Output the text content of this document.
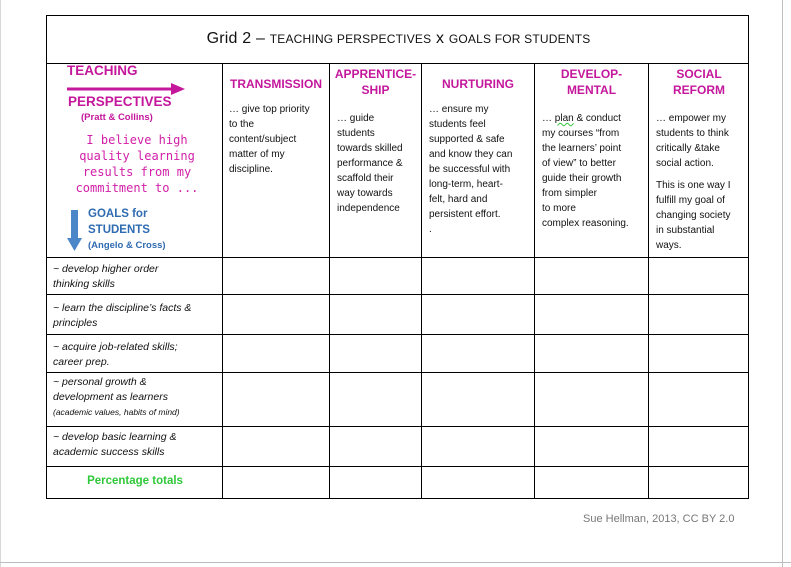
Grid 2 – TEACHING PERSPECTIVES x GOALS FOR STUDENTS
TEACHING
PERSPECTIVES
(Pratt & Collins)
I believe high
quality learning
results from my
commitment to ...
GOALS for
STUDENTS
(Angelo & Cross)
TRANSMISSION
APPRENTICE-
SHIP	NURTURING
DEVELOP-
MENTAL
SOCIAL
REFORM
… give top priority
to the
content/subject
matter of my
discipline.
… guide
students
towards skilled
performance &
scaffold their
way towards
independence
… ensure my
students feel
supported & safe
and know they can
be successful with
long-term, heart-
felt, hard and
persistent effort.
.
… plan & conduct
my courses “from
the learners’ point
of view” to better
guide their growth
from simpler
to more
complex reasoning.
… empower my
students to think
critically &take
social action.
This is one way I
fulfill my goal of
changing society
in substantial
ways.
~ develop higher order
thinking skills
~ learn the discipline’s facts &
principles
~ acquire job-related skills;
career prep.
~ personal growth &
development as learners
(academic values, habits of mind)
~ develop basic learning &
academic success skills
Percentage totals
Sue Hellman, 2013, CC BY 2.0
